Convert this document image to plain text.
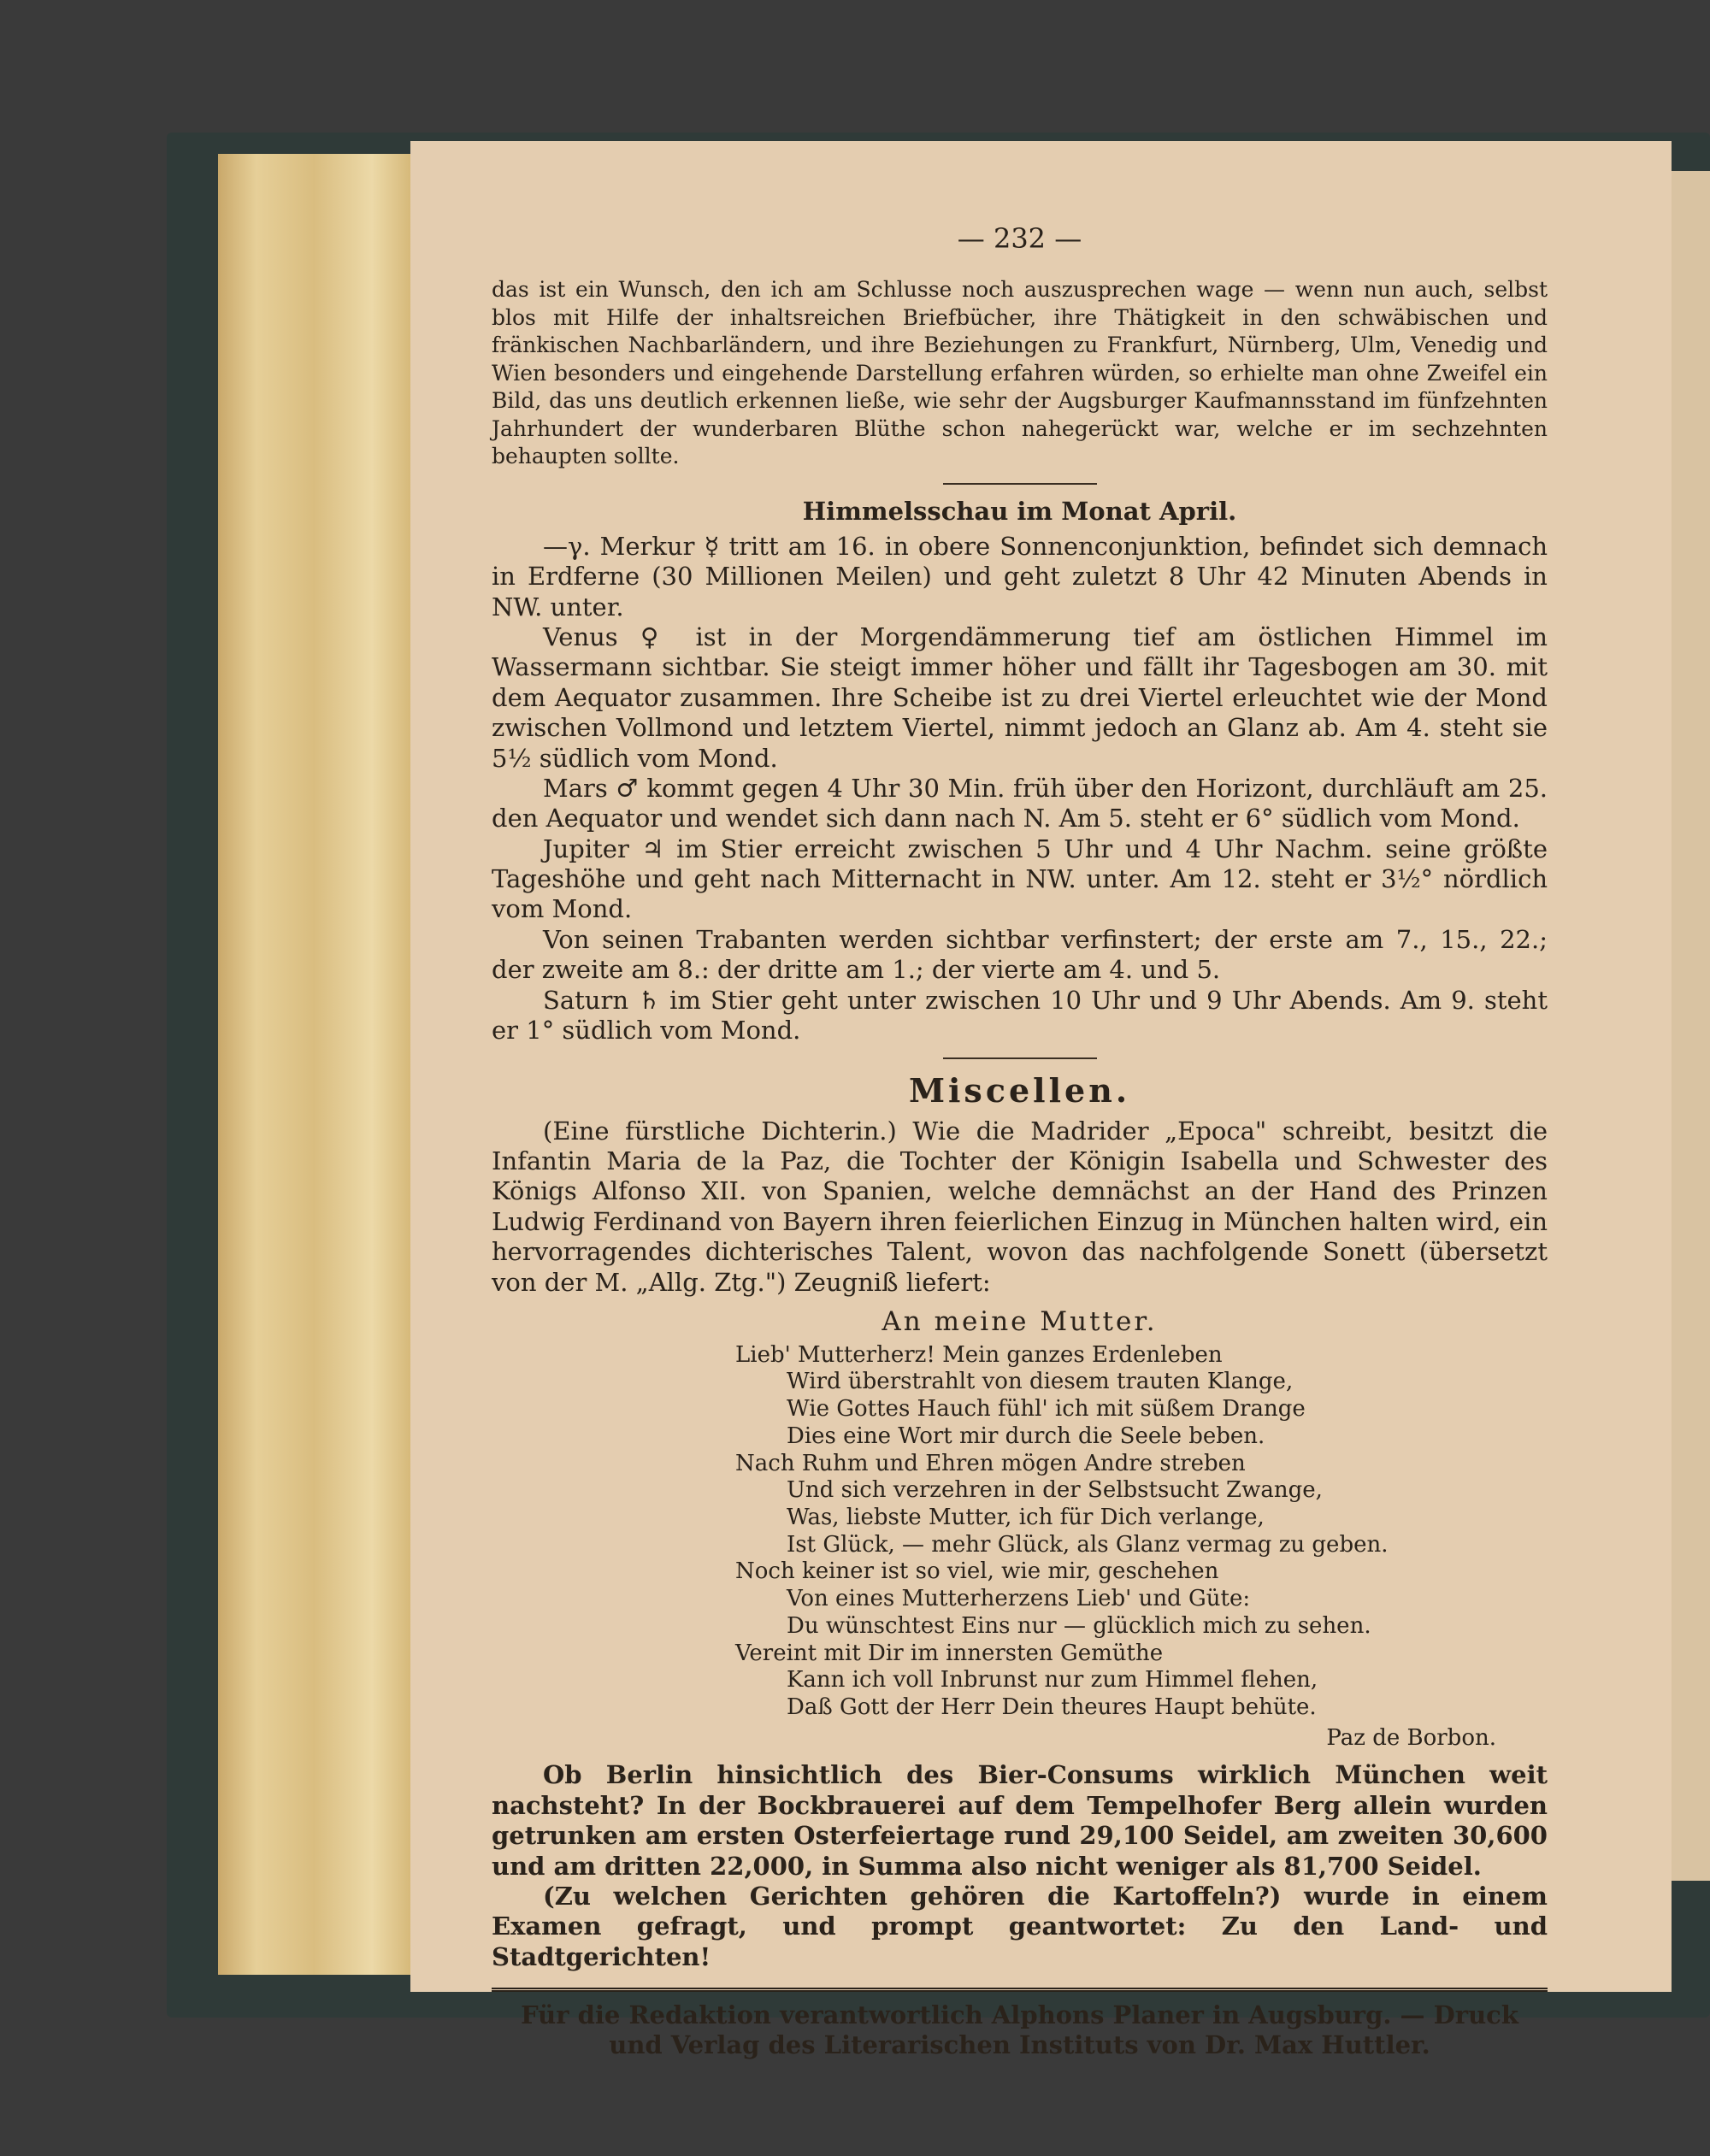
— 232 —

das ist ein Wunsch, den ich am Schlusse noch auszusprechen wage — wenn nun auch, selbst blos mit Hilfe der inhaltsreichen Briefbücher, ihre Thätigkeit in den schwäbischen und fränkischen Nachbarländern, und ihre Beziehungen zu Frankfurt, Nürnberg, Ulm, Venedig und Wien besonders und eingehende Darstellung erfahren würden, so erhielte man ohne Zweifel ein Bild, das uns deutlich erkennen ließe, wie sehr der Augsburger Kaufmannsstand im fünfzehnten Jahrhundert der wunderbaren Blüthe schon nahegerückt war, welche er im sechzehnten behaupten sollte.

Himmelsschau im Monat April.

—γ. Merkur ☿ tritt am 16. in obere Sonnenconjunktion, befindet sich demnach in Erdferne (30 Millionen Meilen) und geht zuletzt 8 Uhr 42 Minuten Abends in NW. unter.

Venus ♀ ist in der Morgendämmerung tief am östlichen Himmel im Wassermann sichtbar. Sie steigt immer höher und fällt ihr Tagesbogen am 30. mit dem Aequator zusammen. Ihre Scheibe ist zu drei Viertel erleuchtet wie der Mond zwischen Vollmond und letztem Viertel, nimmt jedoch an Glanz ab. Am 4. steht sie 5½ südlich vom Mond.

Mars ♂ kommt gegen 4 Uhr 30 Min. früh über den Horizont, durchläuft am 25. den Aequator und wendet sich dann nach N. Am 5. steht er 6° südlich vom Mond.

Jupiter ♃ im Stier erreicht zwischen 5 Uhr und 4 Uhr Nachm. seine größte Tageshöhe und geht nach Mitternacht in NW. unter. Am 12. steht er 3½° nördlich vom Mond.

Von seinen Trabanten werden sichtbar verfinstert; der erste am 7., 15., 22.; der zweite am 8.: der dritte am 1.; der vierte am 4. und 5.

Saturn ♄ im Stier geht unter zwischen 10 Uhr und 9 Uhr Abends. Am 9. steht er 1° südlich vom Mond.

Miscellen.

(Eine fürstliche Dichterin.) Wie die Madrider „Epoca" schreibt, besitzt die Infantin Maria de la Paz, die Tochter der Königin Isabella und Schwester des Königs Alfonso XII. von Spanien, welche demnächst an der Hand des Prinzen Ludwig Ferdinand von Bayern ihren feierlichen Einzug in München halten wird, ein hervorragendes dichterisches Talent, wovon das nachfolgende Sonett (übersetzt von der M. „Allg. Ztg.") Zeugniß liefert:

An meine Mutter.
Lieb' Mutterherz! Mein ganzes Erdenleben
Wird überstrahlt von diesem trauten Klange,
Wie Gottes Hauch fühl' ich mit süßem Drange
Dies eine Wort mir durch die Seele beben.
Nach Ruhm und Ehren mögen Andre streben
Und sich verzehren in der Selbstsucht Zwange,
Was, liebste Mutter, ich für Dich verlange,
Ist Glück, — mehr Glück, als Glanz vermag zu geben.
Noch keiner ist so viel, wie mir, geschehen
Von eines Mutterherzens Lieb' und Güte:
Du wünschtest Eins nur — glücklich mich zu sehen.
Vereint mit Dir im innersten Gemüthe
Kann ich voll Inbrunst nur zum Himmel flehen,
Daß Gott der Herr Dein theures Haupt behüte.
Paz de Borbon.

Ob Berlin hinsichtlich des Bier-Consums wirklich München weit nachsteht? In der Bockbrauerei auf dem Tempelhofer Berg allein wurden getrunken am ersten Osterfeiertage rund 29,100 Seidel, am zweiten 30,600 und am dritten 22,000, in Summa also nicht weniger als 81,700 Seidel.

(Zu welchen Gerichten gehören die Kartoffeln?) wurde in einem Examen gefragt, und prompt geantwortet: Zu den Land- und Stadtgerichten!

Für die Redaktion verantwortlich Alphons Planer in Augsburg. — Druck und Verlag des Literarischen Instituts von Dr. Max Huttler.
